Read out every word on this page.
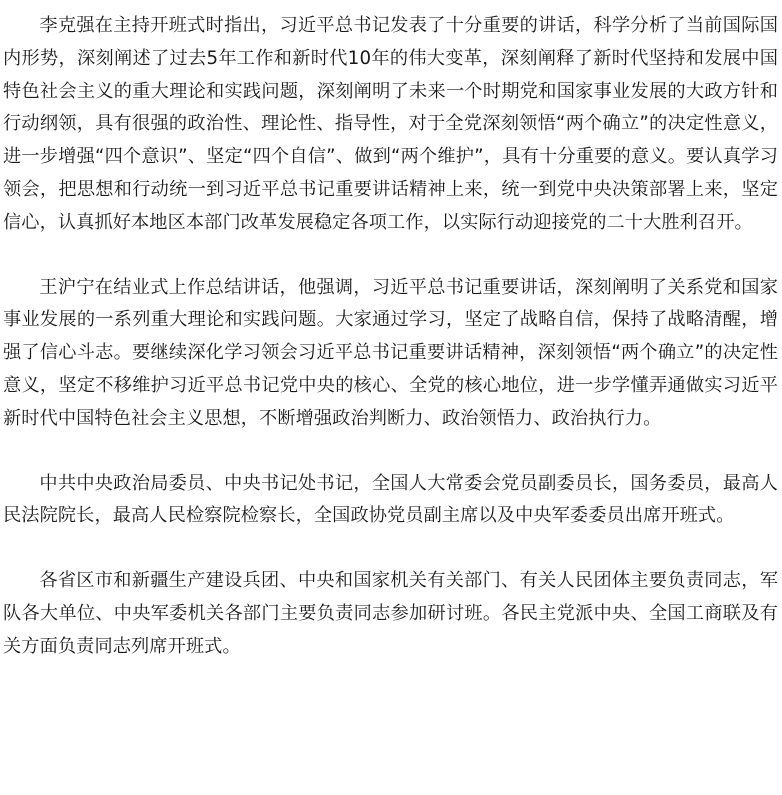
李克强在主持开班式时指出，习近平总书记发表了十分重要的讲话，科学分析了当前国际国内形势，深刻阐述了过去5年工作和新时代10年的伟大变革，深刻阐释了新时代坚持和发展中国特色社会主义的重大理论和实践问题，深刻阐明了未来一个时期党和国家事业发展的大政方针和行动纲领，具有很强的政治性、理论性、指导性，对于全党深刻领悟“两个确立”的决定性意义，进一步增强“四个意识”、坚定“四个自信”、做到“两个维护”，具有十分重要的意义。要认真学习领会，把思想和行动统一到习近平总书记重要讲话精神上来，统一到党中央决策部署上来，坚定信心，认真抓好本地区本部门改革发展稳定各项工作，以实际行动迎接党的二十大胜利召开。

王沪宁在结业式上作总结讲话，他强调，习近平总书记重要讲话，深刻阐明了关系党和国家事业发展的一系列重大理论和实践问题。大家通过学习，坚定了战略自信，保持了战略清醒，增强了信心斗志。要继续深化学习领会习近平总书记重要讲话精神，深刻领悟“两个确立”的决定性意义，坚定不移维护习近平总书记党中央的核心、全党的核心地位，进一步学懂弄通做实习近平新时代中国特色社会主义思想，不断增强政治判断力、政治领悟力、政治执行力。

中共中央政治局委员、中央书记处书记，全国人大常委会党员副委员长，国务委员，最高人民法院院长，最高人民检察院检察长，全国政协党员副主席以及中央军委委员出席开班式。

各省区市和新疆生产建设兵团、中央和国家机关有关部门、有关人民团体主要负责同志，军队各大单位、中央军委机关各部门主要负责同志参加研讨班。各民主党派中央、全国工商联及有关方面负责同志列席开班式。
